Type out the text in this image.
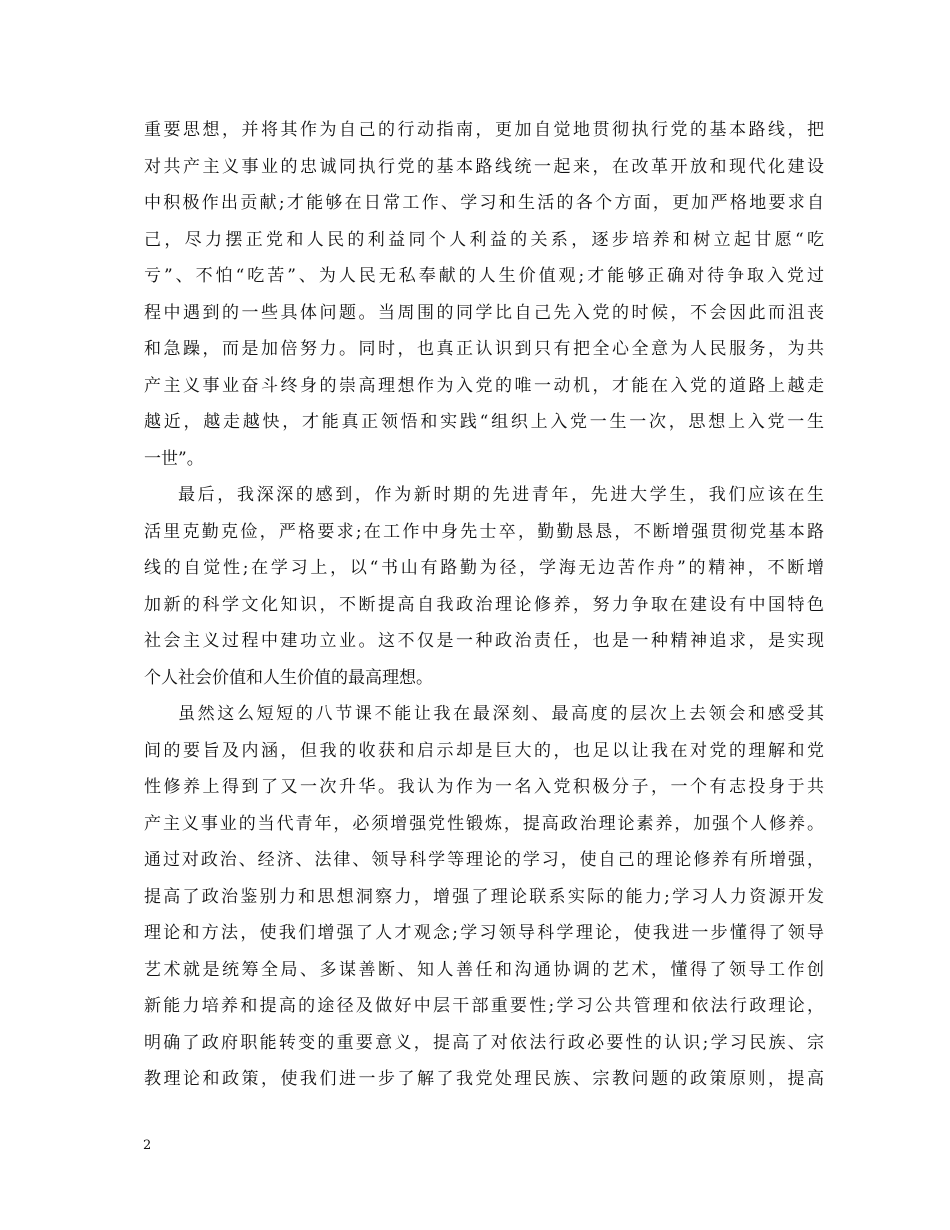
重要思想，并将其作为自己的行动指南，更加自觉地贯彻执行党的基本路线，把
对共产主义事业的忠诚同执行党的基本路线统一起来，在改革开放和现代化建设
中积极作出贡献;才能够在日常工作、学习和生活的各个方面，更加严格地要求自
己，尽力摆正党和人民的利益同个人利益的关系，逐步培养和树立起甘愿“吃
亏”、不怕“吃苦”、为人民无私奉献的人生价值观;才能够正确对待争取入党过
程中遇到的一些具体问题。当周围的同学比自己先入党的时候，不会因此而沮丧
和急躁，而是加倍努力。同时，也真正认识到只有把全心全意为人民服务，为共
产主义事业奋斗终身的崇高理想作为入党的唯一动机，才能在入党的道路上越走
越近，越走越快，才能真正领悟和实践“组织上入党一生一次，思想上入党一生
一世”。
最后，我深深的感到，作为新时期的先进青年，先进大学生，我们应该在生
活里克勤克俭，严格要求;在工作中身先士卒，勤勤恳恳，不断增强贯彻党基本路
线的自觉性;在学习上，以“书山有路勤为径，学海无边苦作舟”的精神，不断增
加新的科学文化知识，不断提高自我政治理论修养，努力争取在建设有中国特色
社会主义过程中建功立业。这不仅是一种政治责任，也是一种精神追求，是实现
个人社会价值和人生价值的最高理想。
虽然这么短短的八节课不能让我在最深刻、最高度的层次上去领会和感受其
间的要旨及内涵，但我的收获和启示却是巨大的，也足以让我在对党的理解和党
性修养上得到了又一次升华。我认为作为一名入党积极分子，一个有志投身于共
产主义事业的当代青年，必须增强党性锻炼，提高政治理论素养，加强个人修养。
通过对政治、经济、法律、领导科学等理论的学习，使自己的理论修养有所增强，
提高了政治鉴别力和思想洞察力，增强了理论联系实际的能力;学习人力资源开发
理论和方法，使我们增强了人才观念;学习领导科学理论，使我进一步懂得了领导
艺术就是统筹全局、多谋善断、知人善任和沟通协调的艺术，懂得了领导工作创
新能力培养和提高的途径及做好中层干部重要性;学习公共管理和依法行政理论，
明确了政府职能转变的重要意义，提高了对依法行政必要性的认识;学习民族、宗
教理论和政策，使我们进一步了解了我党处理民族、宗教问题的政策原则，提高
2
